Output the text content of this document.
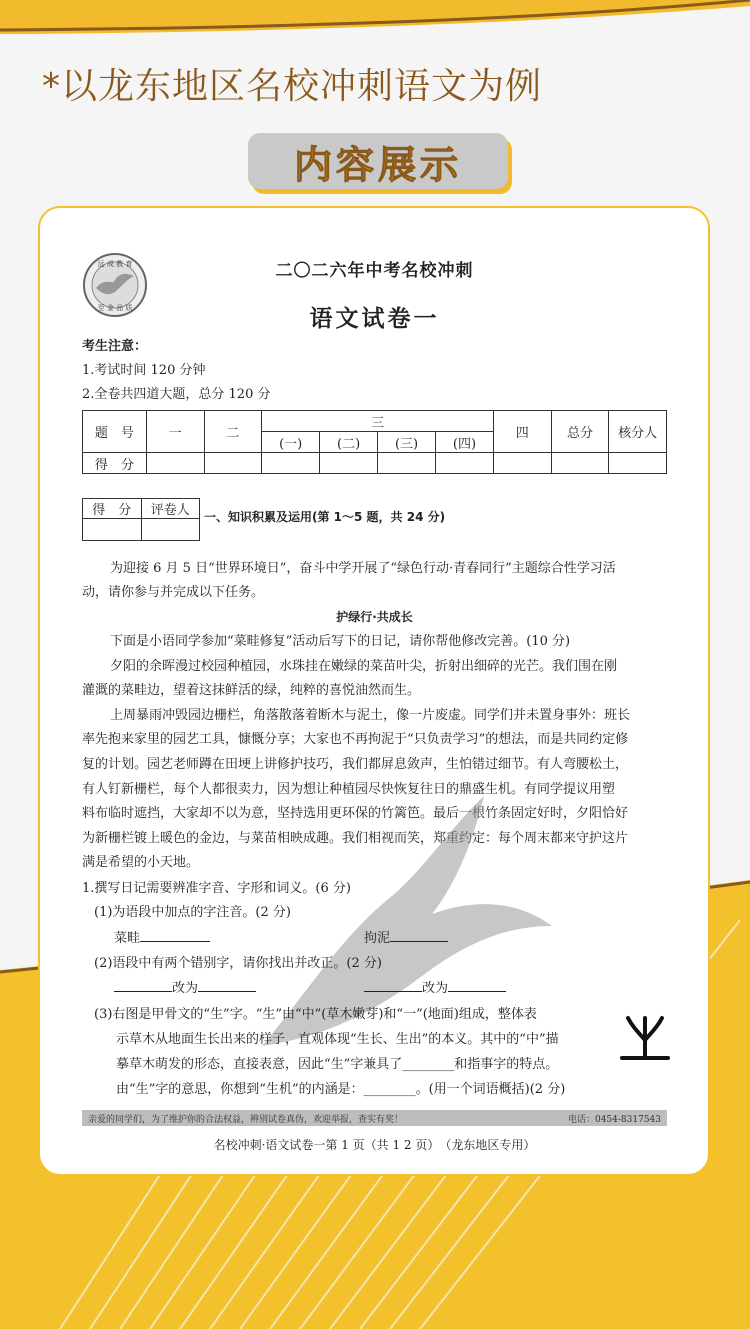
*以龙东地区名校冲刺语文为例
内容展示
远 成 教 育
至 金 品 质
二〇二六年中考名校冲刺
语文试卷一
考生注意：
1.考试时间 120 分钟
2.全卷共四道大题，总分 120 分
题　号	一	二	三				四	总分	核分人
			(一)	(二)	(三)	(四)			
得　分									
得　分	评卷人
	一、知识积累及运用(第 1～5 题，共 24 分)
为迎接 6 月 5 日“世界环境日”，奋斗中学开展了“绿色行动·青春同行”主题综合性学习活
动，请你参与并完成以下任务。
护绿行·共成长
下面是小语同学参加“菜畦修复”活动后写下的日记，请你帮他修改完善。(10 分)
夕阳的余晖漫过校园种植园，水珠挂在嫩绿的菜苗叶尖，折射出细碎的光芒。我们围在刚
灌溉的菜畦边，望着这抹鲜活的绿，纯粹的喜悦油然而生。
上周暴雨冲毁园边栅栏，角落散落着断木与泥土，像一片废虚。同学们并未置身事外：班长
率先抱来家里的园艺工具，慷慨分享；大家也不再拘泥于“只负责学习”的想法，而是共同约定修
复的计划。园艺老师蹲在田埂上讲修护技巧，我们都屏息敛声，生怕错过细节。有人弯腰松土，
有人钉新栅栏，每个人都很卖力，因为想让种植园尽快恢复往日的鼎盛生机。有同学提议用塑
料布临时遮挡，大家却不以为意，坚持选用更环保的竹篱笆。最后一根竹条固定好时，夕阳恰好
为新栅栏镀上暖色的金边，与菜苗相映成趣。我们相视而笑，郑重约定：每个周末都来守护这片
满是希望的小天地。
1.撰写日记需要辨准字音、字形和词义。(6 分)
(1)为语段中加点的字注音。(2 分)
菜畦	拘泥
(2)语段中有两个错别字，请你找出并改正。(2 分)
改为	改为
(3)右图是甲骨文的“生”字。“生”由“中”(草木嫩芽)和“一”(地面)组成，整体表
示草木从地面生长出来的样子，直观体现“生长、生出”的本义。其中的“中”描
摹草木萌发的形态，直接表意，因此“生”字兼具了________和指事字的特点。
由“生”字的意思，你想到“生机”的内涵是：________。(用一个词语概括)(2 分)
亲爱的同学们，为了维护你的合法权益，辨别试卷真伪，欢迎举报，查实有奖！	电话：0454-8317543
名校冲刺·语文试卷一第 1 页（共 1 2 页）　（龙东地区专用）
